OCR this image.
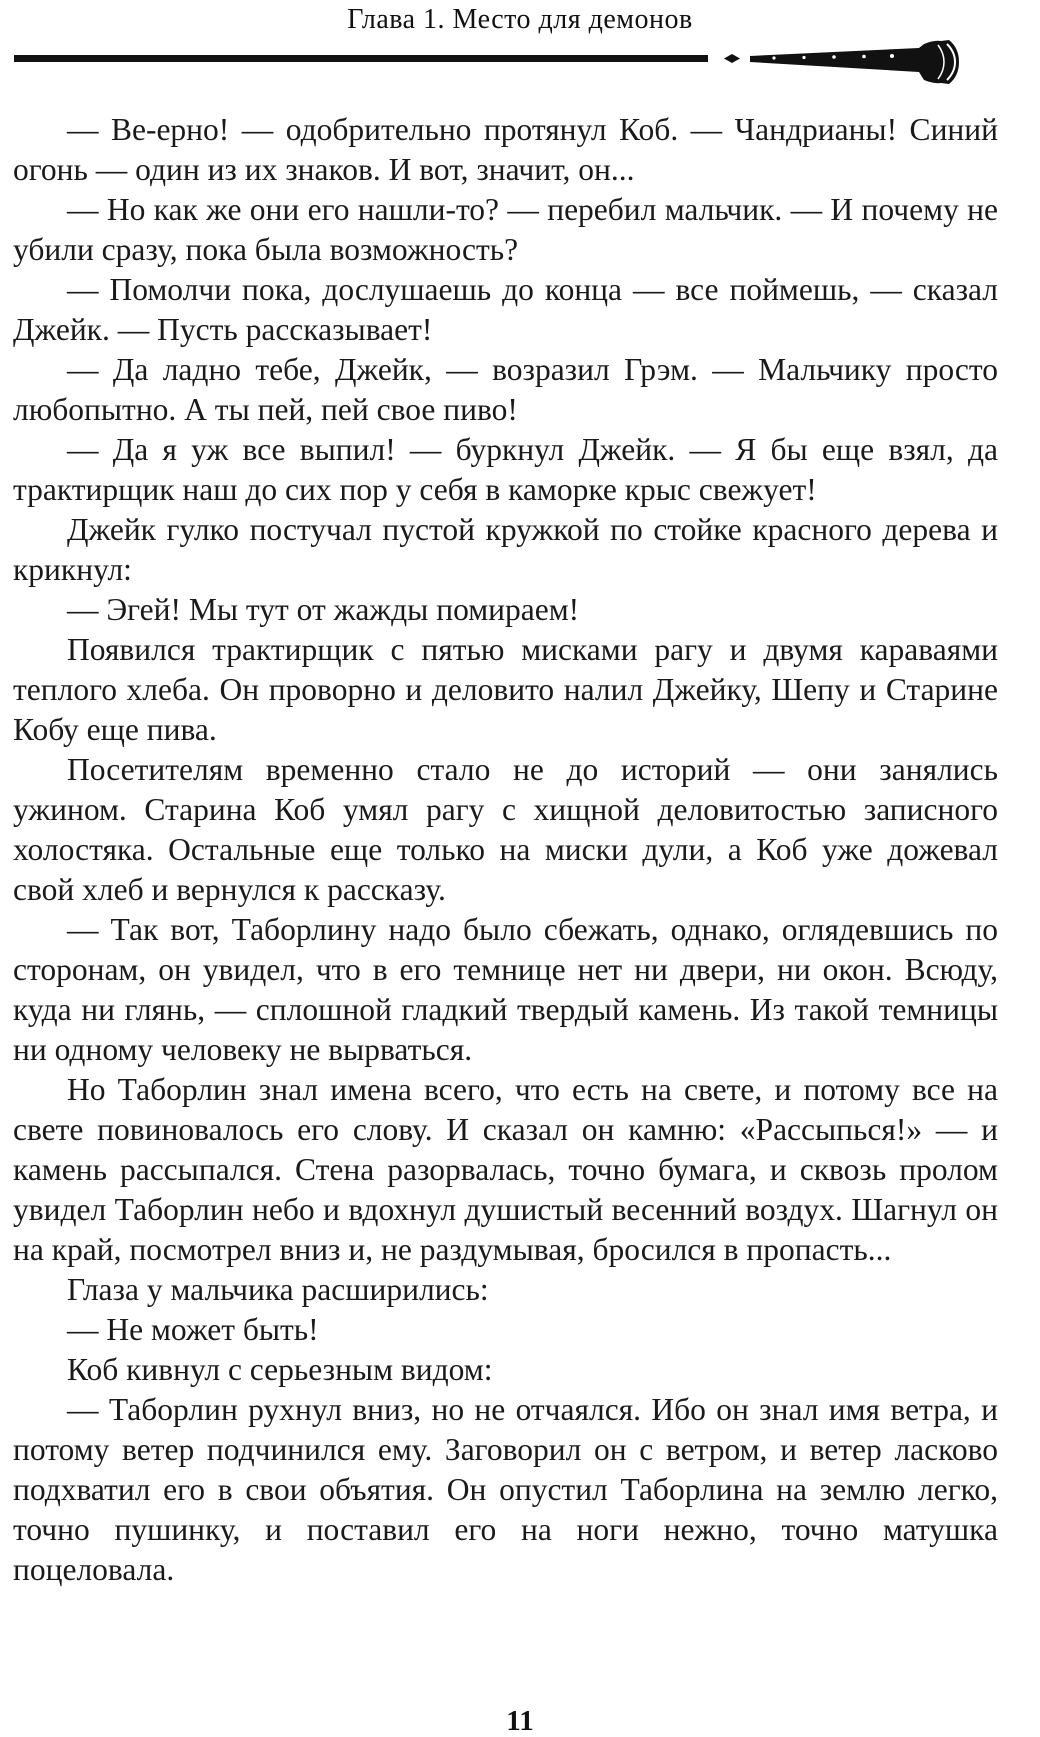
Глава 1. Место для демонов

— Ве-ерно! — одобрительно протянул Коб. — Чандрианы! Синий огонь — один из их знаков. И вот, значит, он...

— Но как же они его нашли-то? — перебил мальчик. — И почему не убили сразу, пока была возможность?

— Помолчи пока, дослушаешь до конца — все поймешь, — сказал Джейк. — Пусть рассказывает!

— Да ладно тебе, Джейк, — возразил Грэм. — Мальчику просто любопытно. А ты пей, пей свое пиво!

— Да я уж все выпил! — буркнул Джейк. — Я бы еще взял, да трактирщик наш до сих пор у себя в каморке крыс свежует!

Джейк гулко постучал пустой кружкой по стойке красного дерева и крикнул:

— Эгей! Мы тут от жажды помираем!

Появился трактирщик с пятью мисками рагу и двумя караваями теплого хлеба. Он проворно и деловито налил Джейку, Шепу и Старине Кобу еще пива.

Посетителям временно стало не до историй — они занялись ужином. Старина Коб умял рагу с хищной деловитостью записного холостяка. Остальные еще только на миски дули, а Коб уже дожевал свой хлеб и вернулся к рассказу.

— Так вот, Таборлину надо было сбежать, однако, оглядевшись по сторонам, он увидел, что в его темнице нет ни двери, ни окон. Всюду, куда ни глянь, — сплошной гладкий твердый камень. Из такой темницы ни одному человеку не вырваться.

Но Таборлин знал имена всего, что есть на свете, и потому все на свете повиновалось его слову. И сказал он камню: «Рассыпься!» — и камень рассыпался. Стена разорвалась, точно бумага, и сквозь пролом увидел Таборлин небо и вдохнул душистый весенний воздух. Шагнул он на край, посмотрел вниз и, не раздумывая, бросился в пропасть...

Глаза у мальчика расширились:

— Не может быть!

Коб кивнул с серьезным видом:

— Таборлин рухнул вниз, но не отчаялся. Ибо он знал имя ветра, и потому ветер подчинился ему. Заговорил он с ветром, и ветер ласково подхватил его в свои объятия. Он опустил Таборлина на землю легко, точно пушинку, и поставил его на ноги нежно, точно матушка поцеловала.

11
